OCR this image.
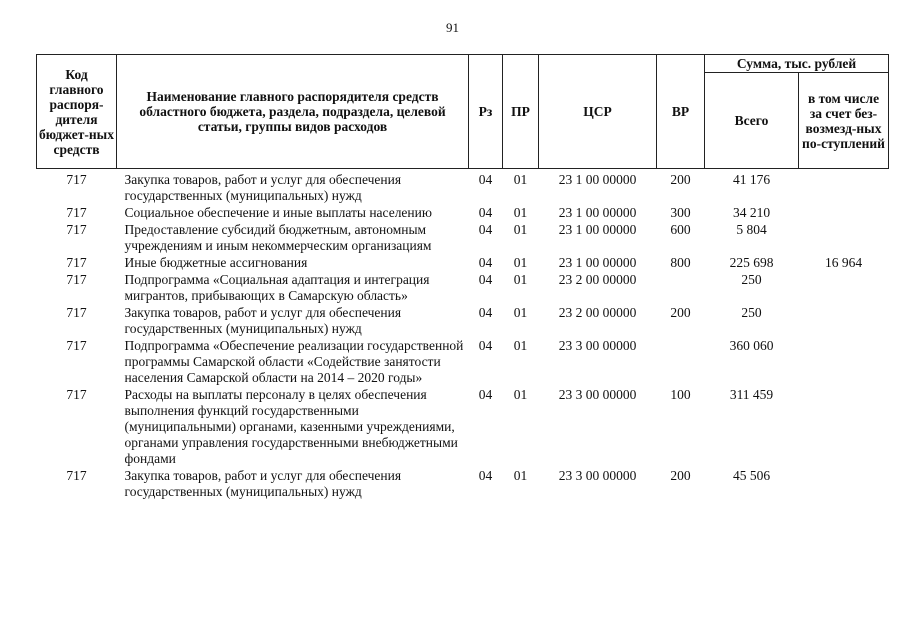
91
Код главного распоря-дителя бюджет-ных средств	Наименование главного распорядителя средств областного бюджета, раздела, подраздела, целевой статьи, группы видов расходов	Рз	ПР	ЦСР	ВР	Сумма, тыс. рублей	
						Всего	в том числе за счет без-возмезд-ных по-ступлений
717	Закупка товаров, работ и услуг для обеспечения государственных (муниципальных) нужд	04	01	23 1 00 00000	200	41 176	
717	Социальное обеспечение и иные выплаты населению	04	01	23 1 00 00000	300	34 210	
717	Предоставление субсидий бюджетным, автономным учреждениям и иным некоммерческим организациям	04	01	23 1 00 00000	600	5 804	
717	Иные бюджетные ассигнования	04	01	23 1 00 00000	800	225 698	16 964
717	Подпрограмма «Социальная адаптация и интеграция мигрантов, прибывающих в Самарскую область»	04	01	23 2 00 00000		250	
717	Закупка товаров, работ и услуг для обеспечения государственных (муниципальных) нужд	04	01	23 2 00 00000	200	250	
717	Подпрограмма «Обеспечение реализации государственной программы Самарской области «Содействие занятости населения Самарской области на 2014 – 2020 годы»	04	01	23 3 00 00000		360 060	
717	Расходы на выплаты персоналу в целях обеспечения выполнения функций государственными (муниципальными) органами, казенными учреждениями, органами управления государственными внебюджетными фондами	04	01	23 3 00 00000	100	311 459	
717	Закупка товаров, работ и услуг для обеспечения государственных (муниципальных) нужд	04	01	23 3 00 00000	200	45 506	
